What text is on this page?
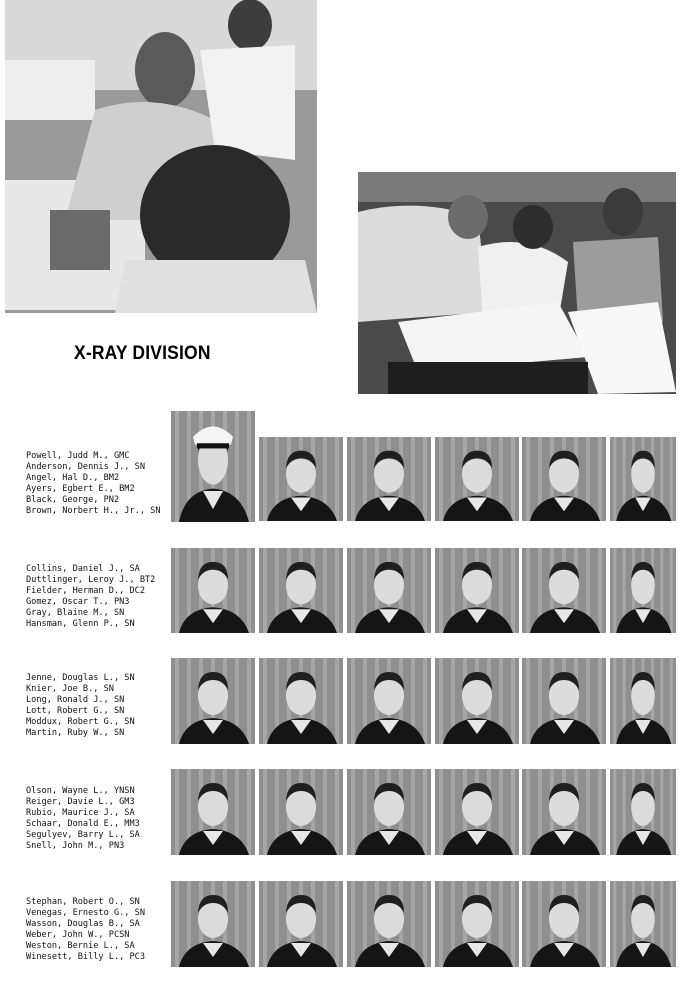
X-RAY DIVISION
Powell, Judd M., GMC
Anderson, Dennis J., SN
Angel, Hal D., BM2
Ayers, Egbert E., BM2
Black, George, PN2
Brown, Norbert H., Jr., SN
Collins, Daniel J., SA
Duttlinger, Leroy J., BT2
Fielder, Herman D., DC2
Gomez, Oscar T., PN3
Gray, Blaine M., SN
Hansman, Glenn P., SN
Jenne, Douglas L., SN
Knier, Joe B., SN
Long, Ronald J., SN
Lott, Robert G., SN
Moddux, Robert G., SN
Martin, Ruby W., SN
Olson, Wayne L., YNSN
Reiger, Davie L., GM3
Rubio, Maurice J., SA
Schaar, Donald E., MM3
Segulyev, Barry L., SA
Snell, John M., PN3
Stephan, Robert O., SN
Venegas, Ernesto G., SN
Wasson, Douglas B., SA
Weber, John W., PCSN
Weston, Bernie L., SA
Winesett, Billy L., PC3
